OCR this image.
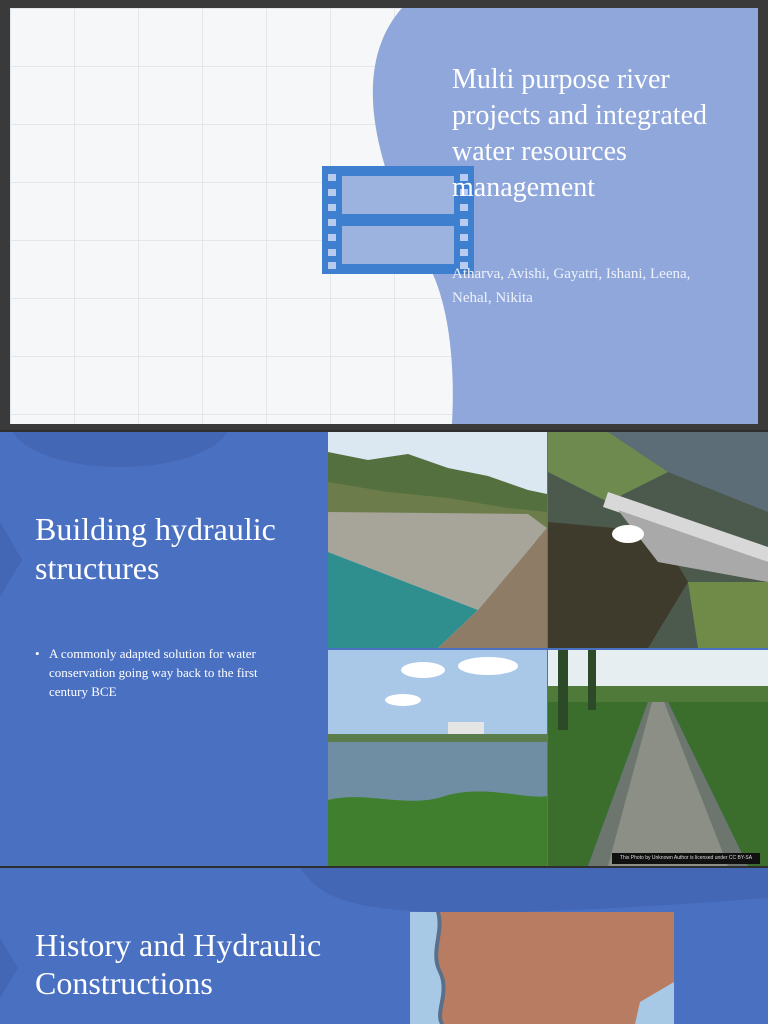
Multi purpose river projects and integrated water resources management
Atharva, Avishi, Gayatri, Ishani, Leena, Nehal, Nikita
Building hydraulic structures
• A commonly adapted solution for water conservation going way back to the first century BCE
This Photo by Unknown Author is licensed under CC BY-SA
History and Hydraulic Constructions
